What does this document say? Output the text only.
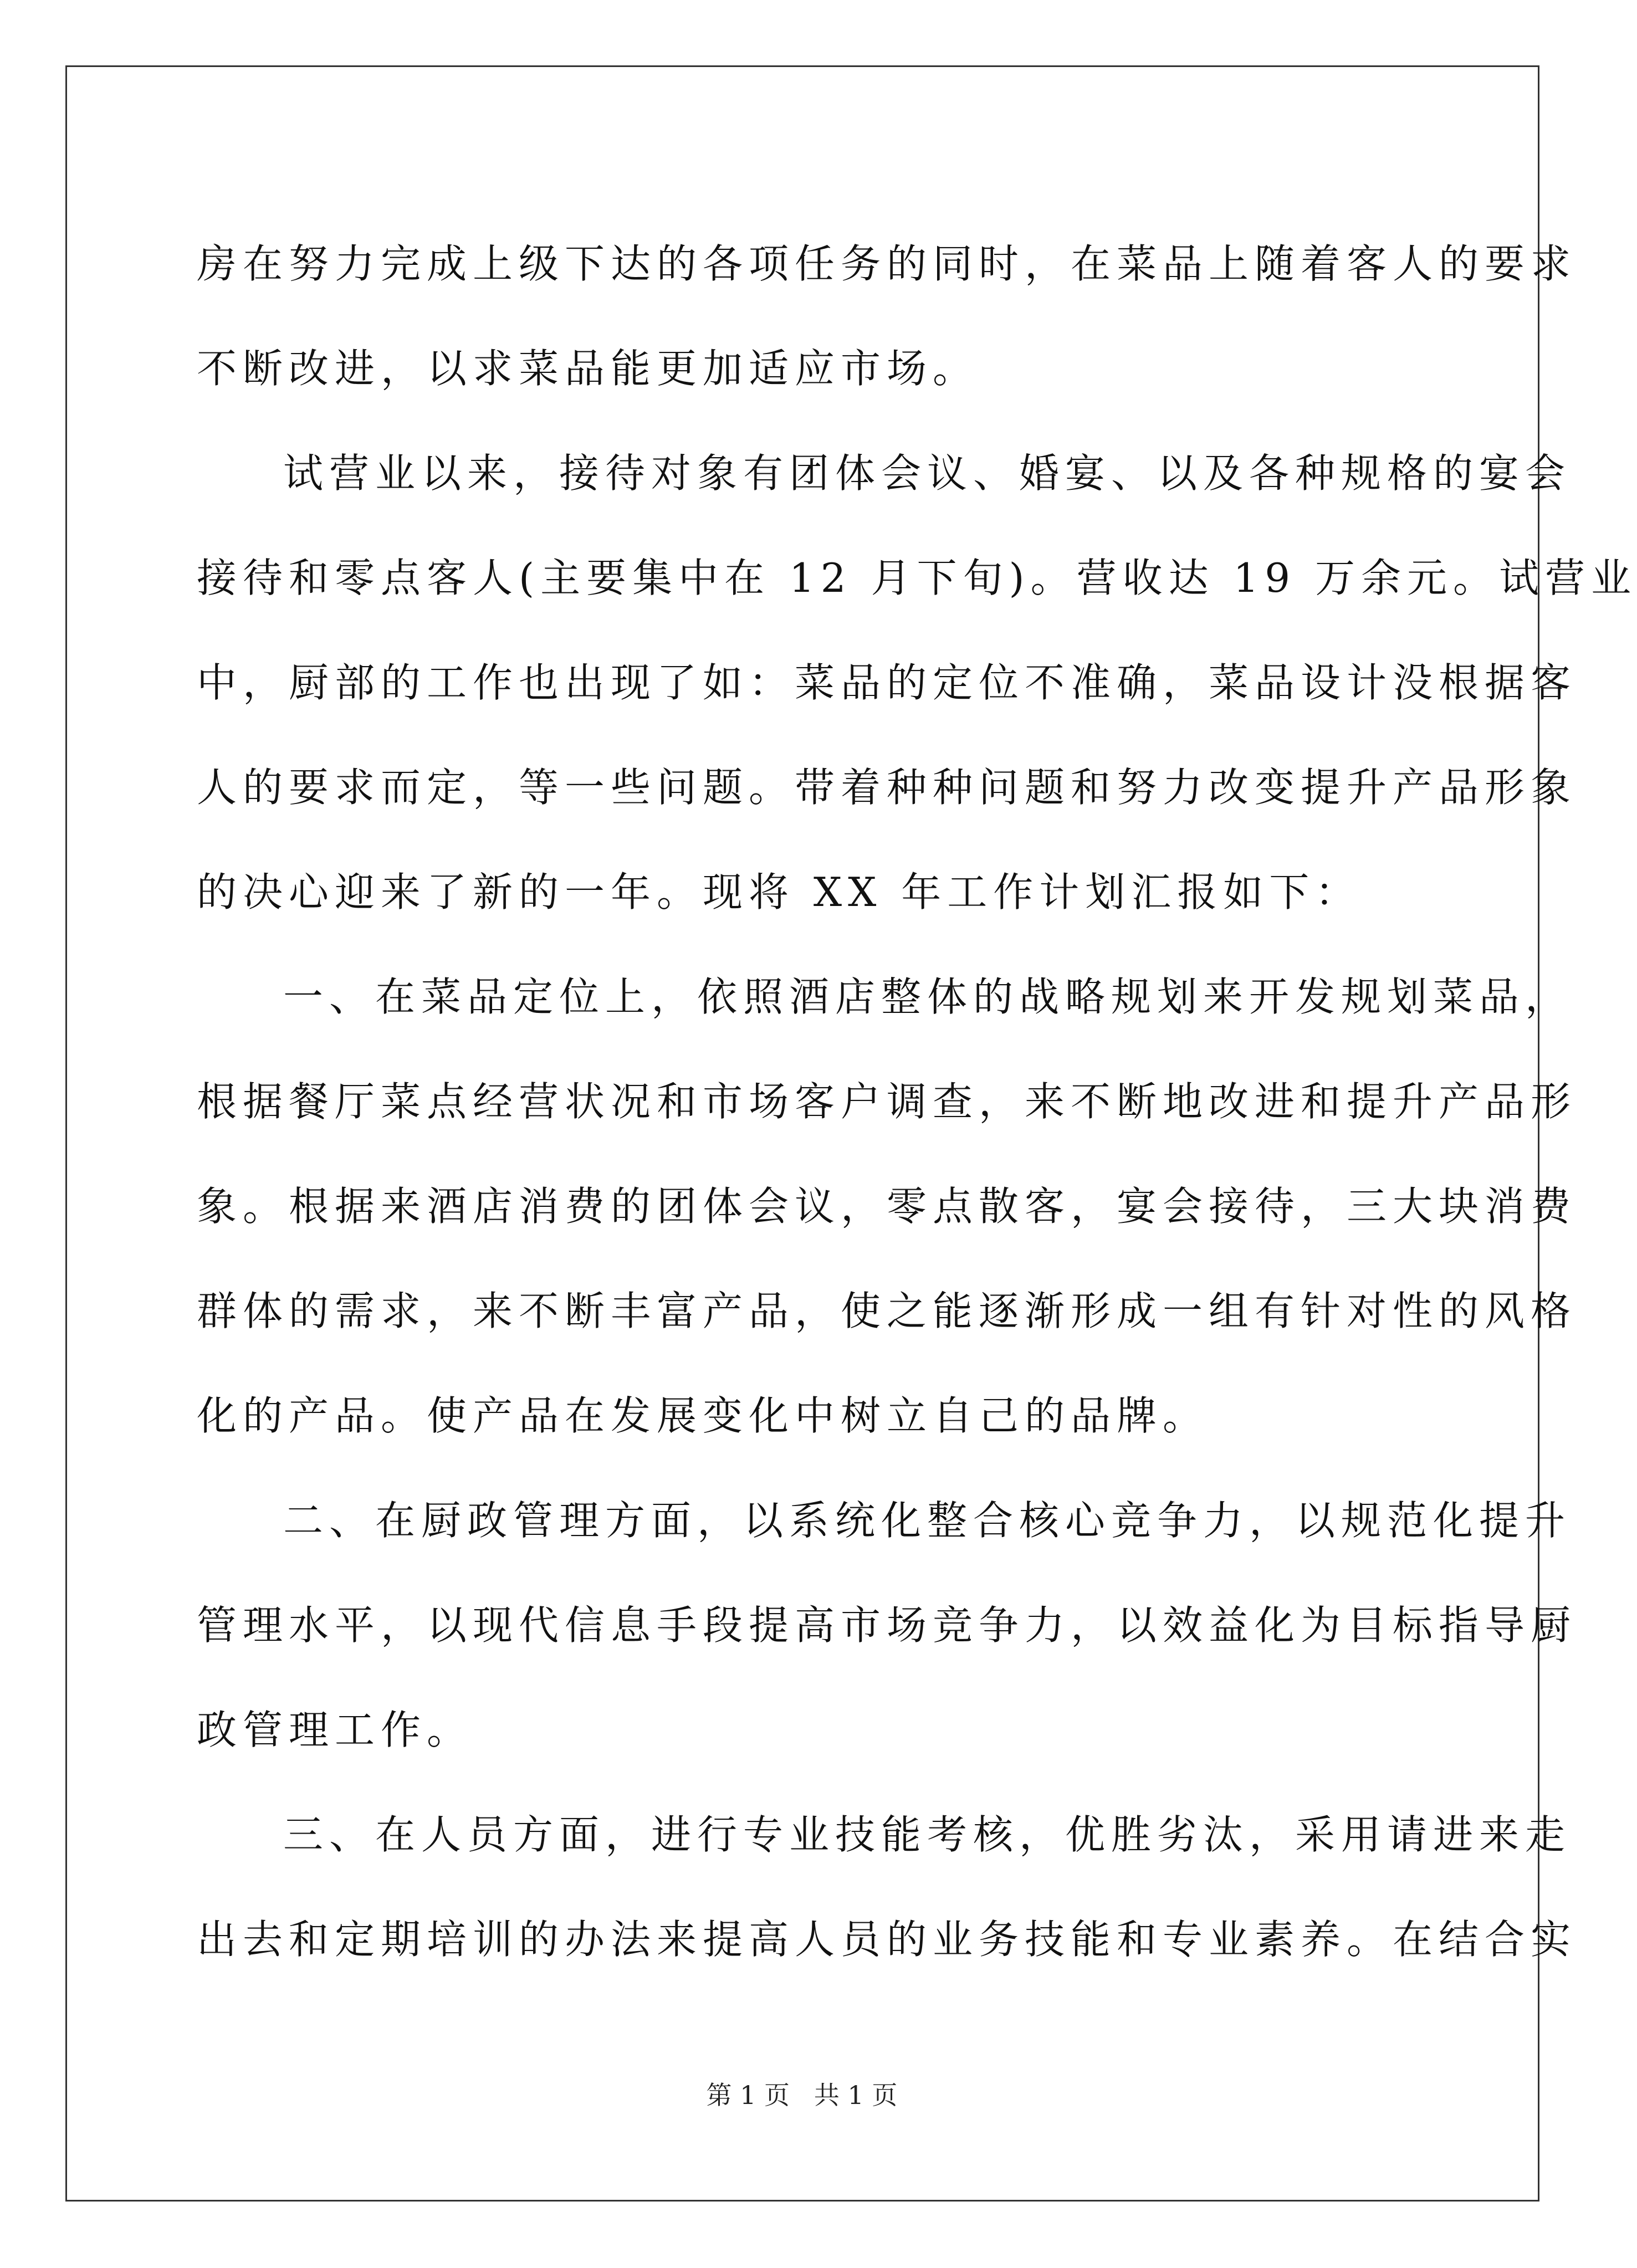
房在努力完成上级下达的各项任务的同时，在菜品上随着客人的要求
不断改进，以求菜品能更加适应市场。
试营业以来，接待对象有团体会议、婚宴、以及各种规格的宴会
接待和零点客人(主要集中在 12 月下旬)。营收达 19 万余元。试营业
中，厨部的工作也出现了如：菜品的定位不准确，菜品设计没根据客
人的要求而定，等一些问题。带着种种问题和努力改变提升产品形象
的决心迎来了新的一年。现将 XX 年工作计划汇报如下：
一、在菜品定位上，依照酒店整体的战略规划来开发规划菜品，
根据餐厅菜点经营状况和市场客户调查，来不断地改进和提升产品形
象。根据来酒店消费的团体会议，零点散客，宴会接待，三大块消费
群体的需求，来不断丰富产品，使之能逐渐形成一组有针对性的风格
化的产品。使产品在发展变化中树立自己的品牌。
二、在厨政管理方面，以系统化整合核心竞争力，以规范化提升
管理水平，以现代信息手段提高市场竞争力，以效益化为目标指导厨
政管理工作。
三、在人员方面，进行专业技能考核，优胜劣汰，采用请进来走
出去和定期培训的办法来提高人员的业务技能和专业素养。在结合实
第 1 页   共 1 页
